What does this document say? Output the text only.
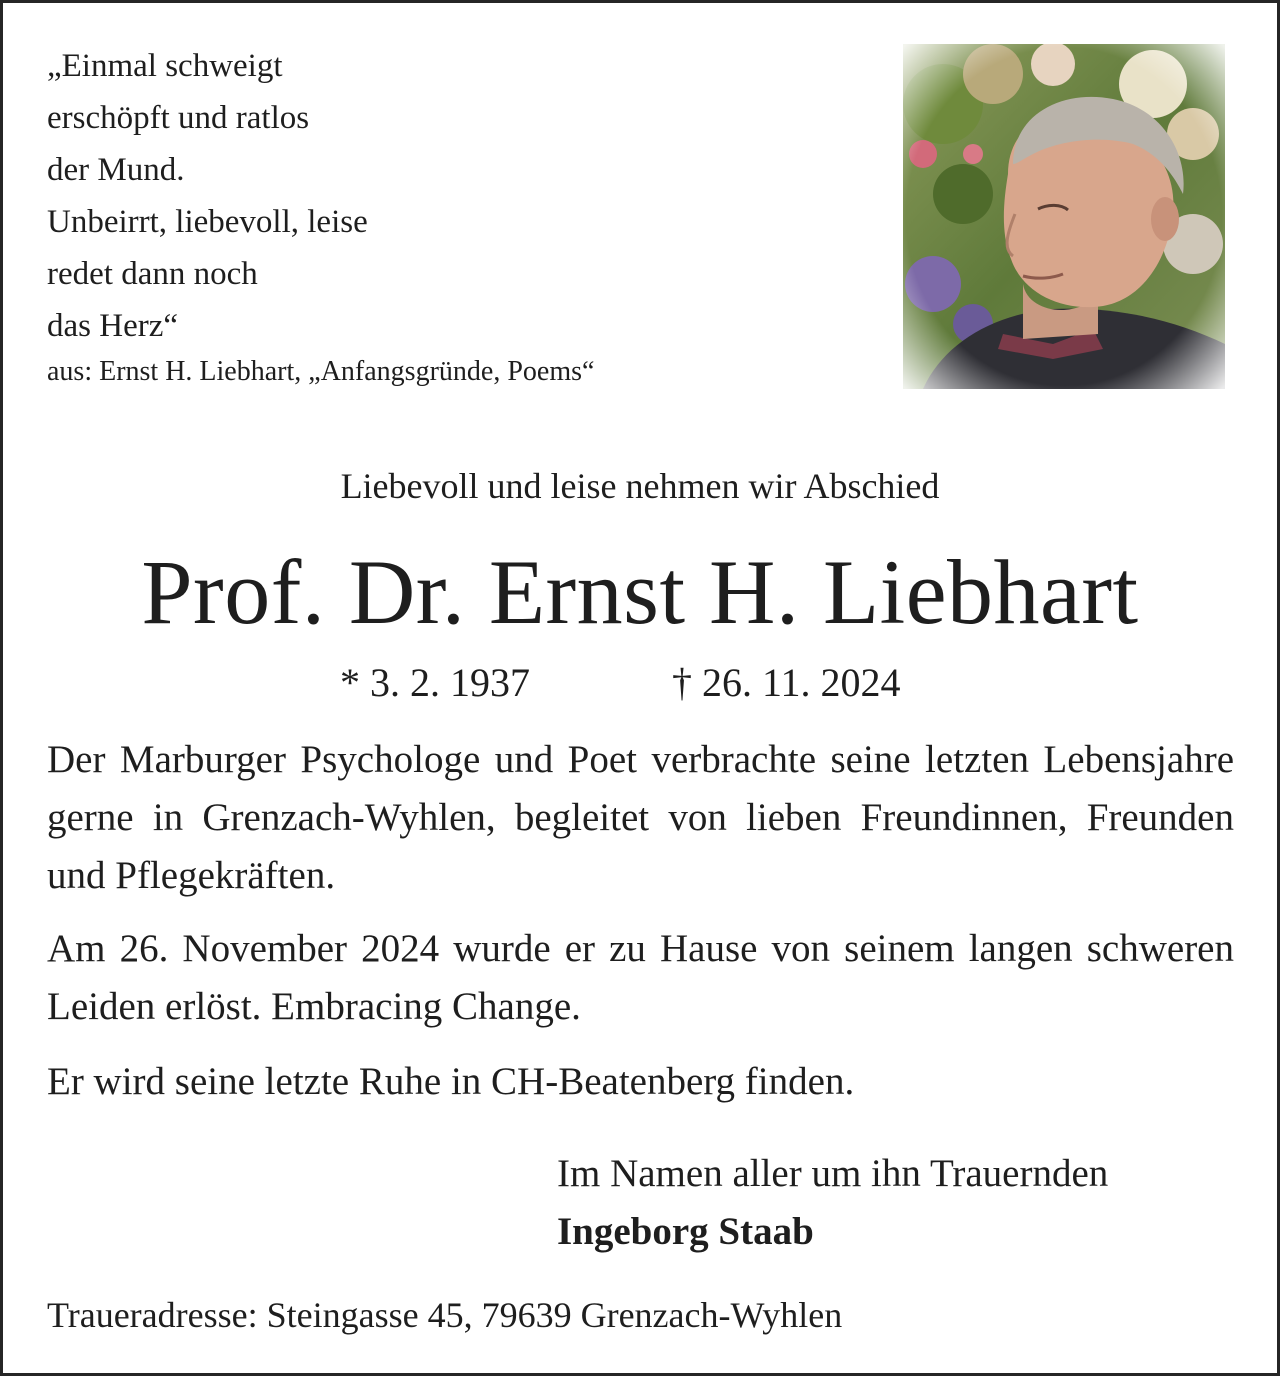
„Einmal schweigt
erschöpft und ratlos
der Mund.
Unbeirrt, liebevoll, leise
redet dann noch
das Herz“
aus: Ernst H. Liebhart, „Anfangsgründe, Poems“
Liebevoll und leise nehmen wir Abschied
Prof. Dr. Ernst H. Liebhart
* 3. 2. 1937	† 26. 11. 2024
Der Marburger Psychologe und Poet verbrachte seine letzten Lebensjahre gerne in Grenzach-Wyhlen, begleitet von lieben Freundinnen, Freunden und Pflegekräften.
Am 26. November 2024 wurde er zu Hause von seinem langen schweren Leiden erlöst. Embracing Change.
Er wird seine letzte Ruhe in CH-Beatenberg finden.
Im Namen aller um ihn Trauernden
Ingeborg Staab
Traueradresse: Steingasse 45, 79639 Grenzach-Wyhlen
